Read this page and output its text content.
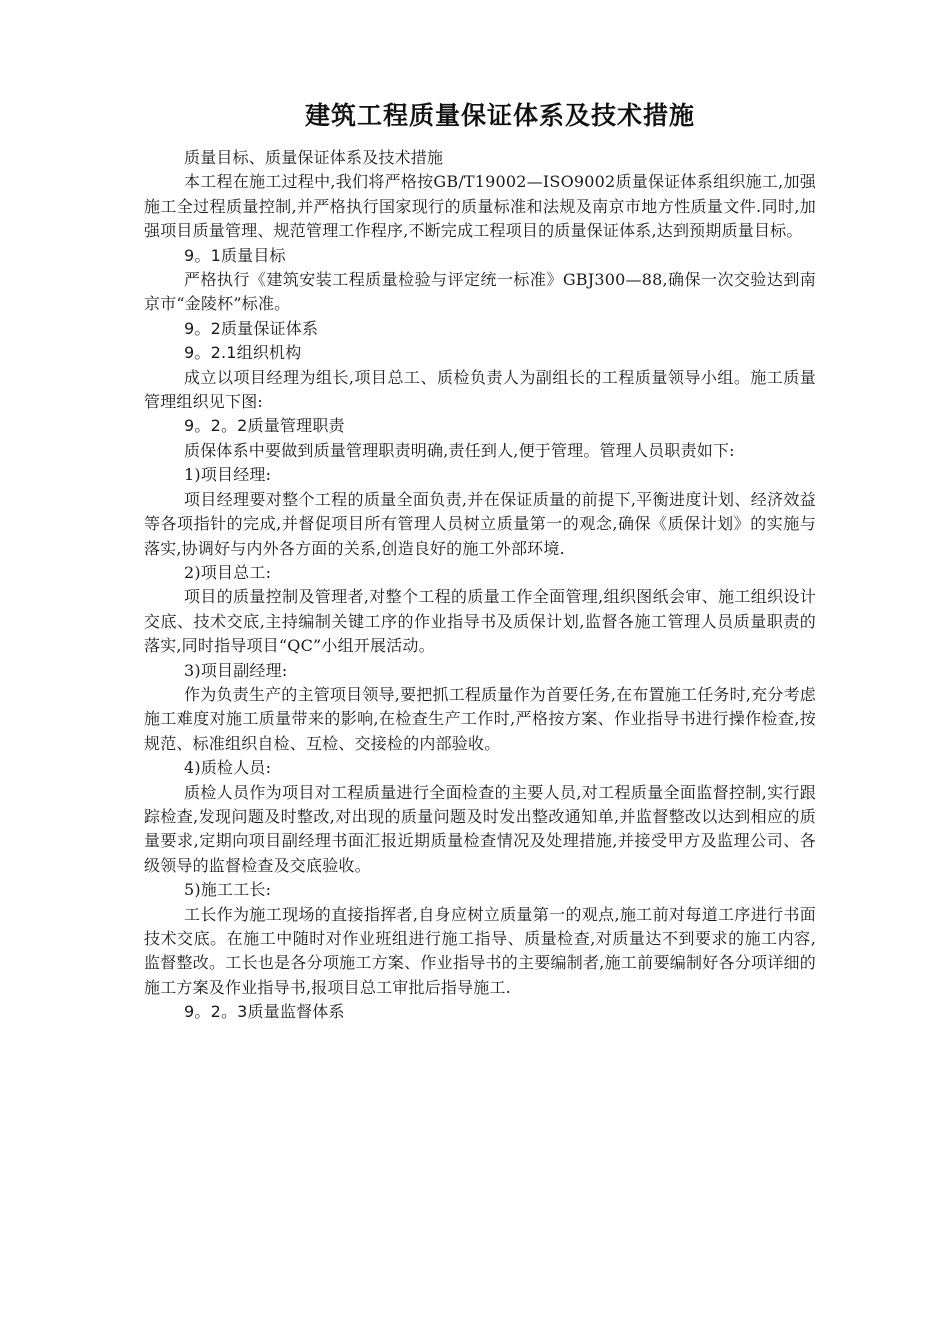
建筑工程质量保证体系及技术措施

质量目标、质量保证体系及技术措施

本工程在施工过程中,我们将严格按GB/T19002—ISO9002质量保证体系组织施工,加强施工全过程质量控制,并严格执行国家现行的质量标准和法规及南京市地方性质量文件.同时,加强项目质量管理、规范管理工作程序,不断完成工程项目的质量保证体系,达到预期质量目标。

9。1质量目标

严格执行《建筑安装工程质量检验与评定统一标准》GBJ300—88,确保一次交验达到南京市“金陵杯”标准。

9。2质量保证体系

9。2.1组织机构

成立以项目经理为组长,项目总工、质检负责人为副组长的工程质量领导小组。施工质量管理组织见下图:

9。2。2质量管理职责

质保体系中要做到质量管理职责明确,责任到人,便于管理。管理人员职责如下:

1)项目经理:

项目经理要对整个工程的质量全面负责,并在保证质量的前提下,平衡进度计划、经济效益等各项指针的完成,并督促项目所有管理人员树立质量第一的观念,确保《质保计划》的实施与落实,协调好与内外各方面的关系,创造良好的施工外部环境.

2)项目总工:

项目的质量控制及管理者,对整个工程的质量工作全面管理,组织图纸会审、施工组织设计交底、技术交底,主持编制关键工序的作业指导书及质保计划,监督各施工管理人员质量职责的落实,同时指导项目“QC”小组开展活动。

3)项目副经理:

作为负责生产的主管项目领导,要把抓工程质量作为首要任务,在布置施工任务时,充分考虑施工难度对施工质量带来的影响,在检查生产工作时,严格按方案、作业指导书进行操作检查,按规范、标准组织自检、互检、交接检的内部验收。

4)质检人员:

质检人员作为项目对工程质量进行全面检查的主要人员,对工程质量全面监督控制,实行跟踪检查,发现问题及时整改,对出现的质量问题及时发出整改通知单,并监督整改以达到相应的质量要求,定期向项目副经理书面汇报近期质量检查情况及处理措施,并接受甲方及监理公司、各级领导的监督检查及交底验收。

5)施工工长:

工长作为施工现场的直接指挥者,自身应树立质量第一的观点,施工前对每道工序进行书面技术交底。在施工中随时对作业班组进行施工指导、质量检查,对质量达不到要求的施工内容,监督整改。工长也是各分项施工方案、作业指导书的主要编制者,施工前要编制好各分项详细的施工方案及作业指导书,报项目总工审批后指导施工.

9。2。3质量监督体系
